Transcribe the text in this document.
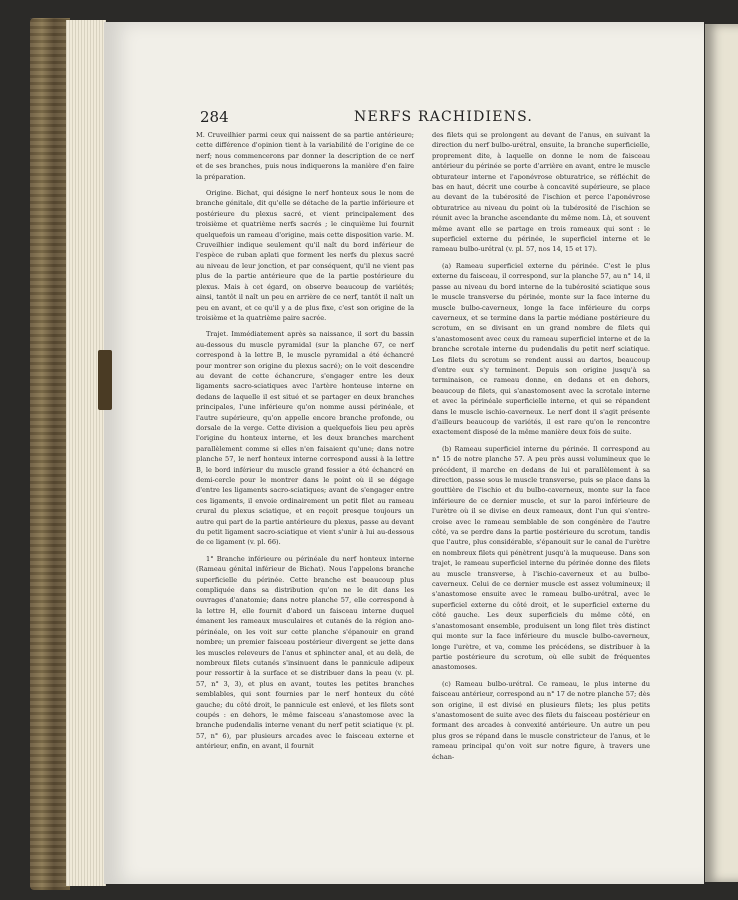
284	NERFS RACHIDIENS.

M. Cruveilhier parmi ceux qui naissent de sa partie antérieure; cette différence d'opinion tient à la variabilité de l'origine de ce nerf; nous commencerons par donner la description de ce nerf et de ses branches, puis nous indiquerons la manière d'en faire la préparation.

Origine. Bichat, qui désigne le nerf honteux sous le nom de branche génitale, dit qu'elle se détache de la partie inférieure et postérieure du plexus sacré, et vient principalement des troisième et quatrième nerfs sacrés ; le cinquième lui fournit quelquefois un rameau d'origine, mais cette disposition varie. M. Cruveilhier indique seulement qu'il naît du bord inférieur de l'espèce de ruban aplati que forment les nerfs du plexus sacré au niveau de leur jonction, et par conséquent, qu'il ne vient pas plus de la partie antérieure que de la partie postérieure du plexus. Mais à cet égard, on observe beaucoup de variétés; ainsi, tantôt il naît un peu en arrière de ce nerf, tantôt il naît un peu en avant, et ce qu'il y a de plus fixe, c'est son origine de la troisième et la quatrième paire sacrée.

Trajet. Immédiatement après sa naissance, il sort du bassin au-dessous du muscle pyramidal (sur la planche 67, ce nerf correspond à la lettre B, le muscle pyramidal a été échancré pour montrer son origine du plexus sacré); on le voit descendre au devant de cette échancrure, s'engager entre les deux ligaments sacro-sciatiques avec l'artère honteuse interne en dedans de laquelle il est situé et se partager en deux branches principales, l'une inférieure qu'on nomme aussi périnéale, et l'autre supérieure, qu'on appelle encore branche profonde, ou dorsale de la verge. Cette division a quelquefois lieu peu après l'origine du honteux interne, et les deux branches marchent parallèlement comme si elles n'en faisaient qu'une; dans notre planche 57, le nerf honteux interne correspond aussi à la lettre B, le bord inférieur du muscle grand fessier a été échancré en demi-cercle pour le montrer dans le point où il se dégage d'entre les ligaments sacro-sciatiques; avant de s'engager entre ces ligaments, il envoie ordinairement un petit filet au rameau crural du plexus sciatique, et en reçoit presque toujours un autre qui part de la partie antérieure du plexus, passe au devant du petit ligament sacro-sciatique et vient s'unir à lui au-dessous de ce ligament (v. pl. 66).

1° Branche inférieure ou périnéale du nerf honteux interne (Rameau génital inférieur de Bichat). Nous l'appelons branche superficielle du périnée. Cette branche est beaucoup plus compliquée dans sa distribution qu'on ne le dit dans les ouvrages d'anatomie; dans notre planche 57, elle correspond à la lettre H, elle fournit d'abord un faisceau interne duquel émanent les rameaux musculaires et cutanés de la région ano-périnéale, on les voit sur cette planche s'épanouir en grand nombre; un premier faisceau postérieur divergent se jette dans les muscles releveurs de l'anus et sphincter anal, et au delà, de nombreux filets cutanés s'insinuent dans le pannicule adipeux pour ressortir à la surface et se distribuer dans la peau (v. pl. 57, n° 3, 3), et plus en avant, toutes les petites branches semblables, qui sont fournies par le nerf honteux du côté gauche; du côté droit, le pannicule est enlevé, et les filets sont coupés : en dehors, le même faisceau s'anastomose avec la branche pudendalis interne venant du nerf petit sciatique (v. pl. 57, n° 6), par plusieurs arcades avec le faisceau externe et antérieur, enfin, en avant, il fournit

des filets qui se prolongent au devant de l'anus, en suivant la direction du nerf bulbo-urétral, ensuite, la branche superficielle, proprement dite, à laquelle on donne le nom de faisceau antérieur du périnée se porte d'arrière en avant, entre le muscle obturateur interne et l'aponévrose obturatrice, se réfléchit de bas en haut, décrit une courbe à concavité supérieure, se place au devant de la tubérosité de l'ischion et perce l'aponévrose obturatrice au niveau du point où la tubérosité de l'ischion se réunit avec la branche ascendante du même nom. Là, et souvent même avant elle se partage en trois rameaux qui sont : le superficiel externe du périnée, le superficiel interne et le rameau bulbo-urétral (v. pl. 57, nos 14, 15 et 17).

(a) Rameau superficiel externe du périnée. C'est le plus externe du faisceau, il correspond, sur la planche 57, au n° 14, il passe au niveau du bord interne de la tubérosité sciatique sous le muscle transverse du périnée, monte sur la face interne du muscle bulbo-caverneux, longe la face inférieure du corps caverneux, et se termine dans la partie médiane postérieure du scrotum, en se divisant en un grand nombre de filets qui s'anastomosent avec ceux du rameau superficiel interne et de la branche scrotale interne du pudendalis du petit nerf sciatique. Les filets du scrotum se rendent aussi au dartos, beaucoup d'entre eux s'y terminent. Depuis son origine jusqu'à sa terminaison, ce rameau donne, en dedans et en dehors, beaucoup de filets, qui s'anastomosent avec la scrotale interne et avec la périnéale superficielle interne, et qui se répandent dans le muscle ischio-caverneux. Le nerf dont il s'agit présente d'ailleurs beaucoup de variétés, il est rare qu'on le rencontre exactement disposé de la même manière deux fois de suite.

(b) Rameau superficiel interne du périnée. Il correspond au n° 15 de notre planche 57. A peu près aussi volumineux que le précédent, il marche en dedans de lui et parallèlement à sa direction, passe sous le muscle transverse, puis se place dans la gouttière de l'ischio et du bulbo-caverneux, monte sur la face inférieure de ce dernier muscle, et sur la paroi inférieure de l'urètre où il se divise en deux rameaux, dont l'un qui s'entre-croise avec le rameau semblable de son congénère de l'autre côté, va se perdre dans la partie postérieure du scrotum, tandis que l'autre, plus considérable, s'épanouit sur le canal de l'urètre en nombreux filets qui pénètrent jusqu'à la muqueuse. Dans son trajet, le rameau superficiel interne du périnée donne des filets au muscle transverse, à l'ischio-caverneux et au bulbo-caverneux. Celui de ce dernier muscle est assez volumineux; il s'anastomose ensuite avec le rameau bulbo-urétral, avec le superficiel externe du côté droit, et le superficiel externe du côté gauche. Les deux superficiels du même côté, en s'anastomosant ensemble, produisent un long filet très distinct qui monte sur la face inférieure du muscle bulbo-caverneux, longe l'urètre, et va, comme les précédens, se distribuer à la partie postérieure du scrotum, où elle subit de fréquentes anastomoses.

(c) Rameau bulbo-urétral. Ce rameau, le plus interne du faisceau antérieur, correspond au n° 17 de notre planche 57; dès son origine, il est divisé en plusieurs filets; les plus petits s'anastomosent de suite avec des filets du faisceau postérieur en formant des arcades à convexité antérieure. Un autre un peu plus gros se répand dans le muscle constricteur de l'anus, et le rameau principal qu'on voit sur notre figure, à travers une échan-
